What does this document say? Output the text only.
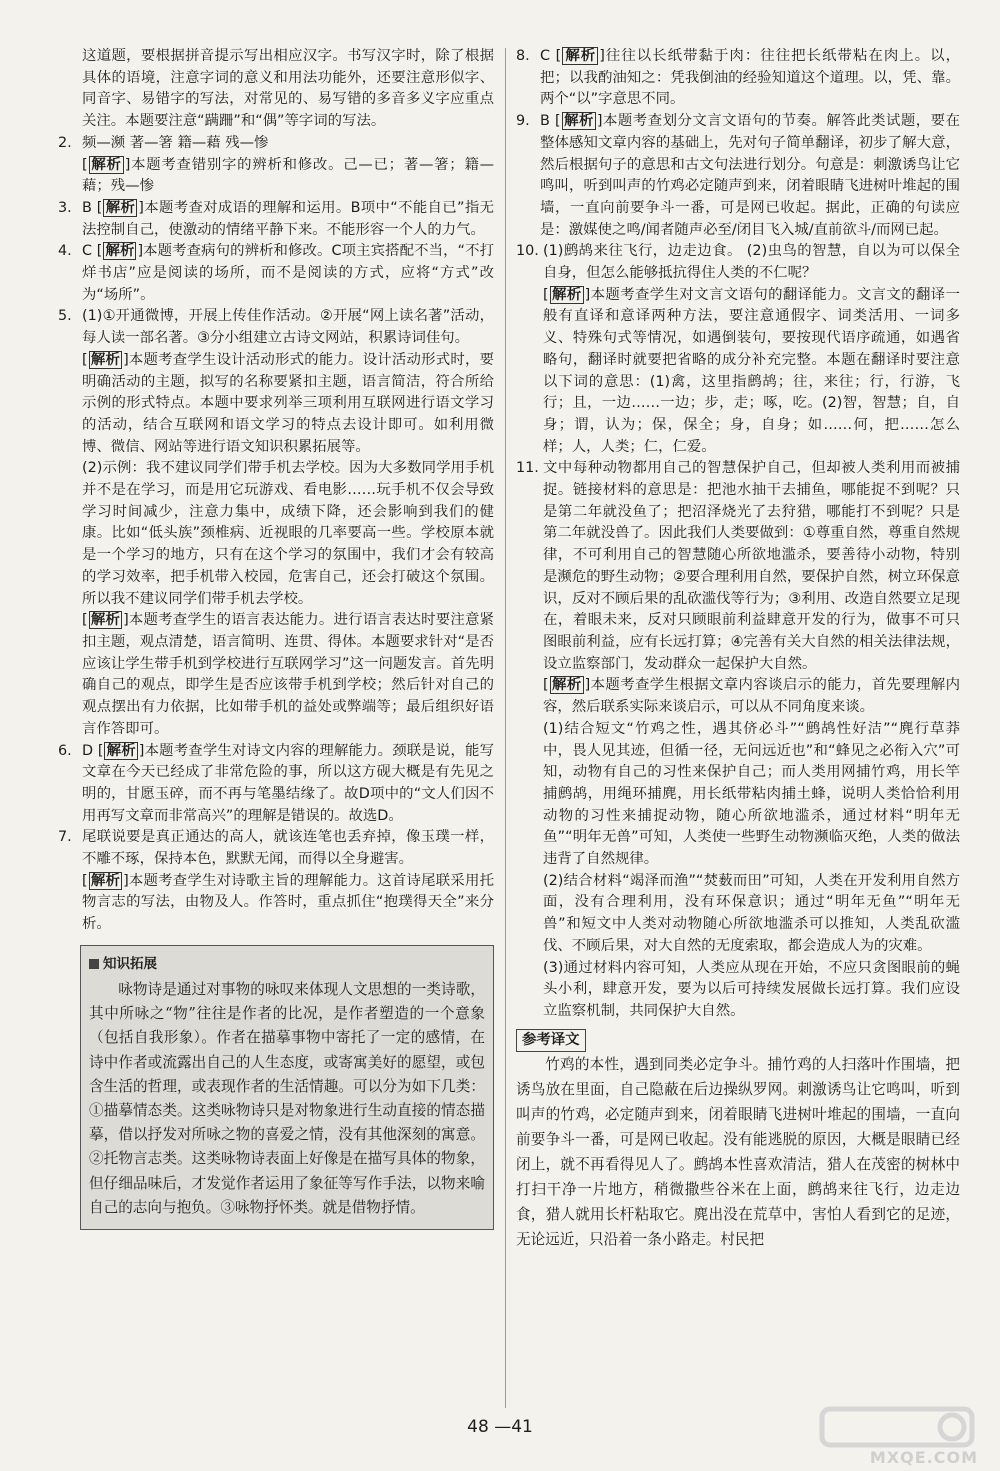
这道题，要根据拼音提示写出相应汉字。书写汉字时，除了根据具体的语境，注意字词的意义和用法功能外，还要注意形似字、同音字、易错字的写法，对常见的、易写错的多音多义字应重点关注。本题要注意“蹒跚”和“偶”等字词的写法。

2. 频—濒 著—箸 籍—藉 残—惨

[ 解析 ]本题考查错别字的辨析和修改。己—已；著—箸；籍—藉；残—惨

3. B [ 解析 ]本题考查对成语的理解和运用。B项中“不能自已”指无法控制自己，使激动的情绪平静下来。不能形容一个人的力气。

4. C [ 解析 ]本题考查病句的辨析和修改。C项主宾搭配不当，“不打烊书店”应是阅读的场所，而不是阅读的方式，应将“方式”改为“场所”。

5. (1)①开通微博，开展上传佳作活动。②开展“网上读名著”活动，每人读一部名著。③分小组建立古诗文网站，积累诗词佳句。

[ 解析 ]本题考查学生设计活动形式的能力。设计活动形式时，要明确活动的主题，拟写的名称要紧扣主题，语言简洁，符合所给示例的形式特点。本题中要求列举三项利用互联网进行语文学习的活动，结合互联网和语文学习的特点去设计即可。如利用微博、微信、网站等进行语文知识积累拓展等。

(2)示例：我不建议同学们带手机去学校。因为大多数同学用手机并不是在学习，而是用它玩游戏、看电影……玩手机不仅会导致学习时间减少，注意力集中，成绩下降，还会影响到我们的健康。比如“低头族”颈椎病、近视眼的几率要高一些。学校原本就是一个学习的地方，只有在这个学习的氛围中，我们才会有较高的学习效率，把手机带入校园，危害自己，还会打破这个氛围。所以我不建议同学们带手机去学校。

[ 解析 ]本题考查学生的语言表达能力。进行语言表达时要注意紧扣主题，观点清楚，语言简明、连贯、得体。本题要求针对“是否应该让学生带手机到学校进行互联网学习”这一问题发言。首先明确自己的观点，即学生是否应该带手机到学校；然后针对自己的观点摆出有力依据，比如带手机的益处或弊端等；最后组织好语言作答即可。

6. D [ 解析 ]本题考查学生对诗文内容的理解能力。颈联是说，能写文章在今天已经成了非常危险的事，所以这方砚大概是有先见之明的，甘愿玉碎，而不再与笔墨结缘了。故D项中的“文人们因不用再写文章而非常高兴”的理解是错误的。故选D。

7. 尾联说要是真正通达的高人，就该连笔也丢弃掉，像玉璞一样，不雕不琢，保持本色，默默无闻，而得以全身避害。

[ 解析 ]本题考查学生对诗歌主旨的理解能力。这首诗尾联采用托物言志的写法，由物及人。作答时，重点抓住“抱璞得天全”来分析。

知识拓展

咏物诗是通过对事物的咏叹来体现人文思想的一类诗歌，其中所咏之“物”往往是作者的比况，是作者塑造的一个意象（包括自我形象）。作者在描摹事物中寄托了一定的感情，在诗中作者或流露出自己的人生态度，或寄寓美好的愿望，或包含生活的哲理，或表现作者的生活情趣。可以分为如下几类：①描摹情态类。这类咏物诗只是对物象进行生动直接的情态描摹，借以抒发对所咏之物的喜爱之情，没有其他深刻的寓意。②托物言志类。这类咏物诗表面上好像是在描写具体的物象，但仔细品味后，才发觉作者运用了象征等写作手法，以物来喻自己的志向与抱负。③咏物抒怀类。就是借物抒情。

8. C [ 解析 ]往往以长纸带黏于肉：往往把长纸带粘在肉上。以，把；以我酌油知之：凭我倒油的经验知道这个道理。以，凭、靠。两个“以”字意思不同。

9. B [ 解析 ]本题考查划分文言文语句的节奏。解答此类试题，要在整体感知文章内容的基础上，先对句子简单翻译，初步了解大意，然后根据句子的意思和古文句法进行划分。句意是：刺激诱鸟让它鸣叫，听到叫声的竹鸡必定随声到来，闭着眼睛飞进树叶堆起的围墙，一直向前要争斗一番，可是网已收起。据此，正确的句读应是：激媒使之鸣/闻者随声必至/闭目飞入城/直前欲斗/而网已起。

10. (1)鹧鸪来往飞行，边走边食。 (2)虫鸟的智慧，自以为可以保全自身，但怎么能够抵抗得住人类的不仁呢？

[ 解析 ]本题考查学生对文言文语句的翻译能力。文言文的翻译一般有直译和意译两种方法，要注意通假字、词类活用、一词多义、特殊句式等情况，如遇倒装句，要按现代语序疏通，如遇省略句，翻译时就要把省略的成分补充完整。本题在翻译时要注意以下词的意思：(1)禽，这里指鹧鸪；往，来往；行，行游，飞行；且，一边……一边；步，走；啄，吃。(2)智，智慧；自，自身；谓，认为；保，保全；身，自身；如……何，把……怎么样；人，人类；仁，仁爱。

11. 文中每种动物都用自己的智慧保护自己，但却被人类利用而被捕捉。链接材料的意思是：把池水抽干去捕鱼，哪能捉不到呢？只是第二年就没鱼了；把沼泽烧光了去狩猎，哪能打不到呢？只是第二年就没兽了。因此我们人类要做到：①尊重自然，尊重自然规律，不可利用自己的智慧随心所欲地滥杀，要善待小动物，特别是濒危的野生动物；②要合理利用自然，要保护自然，树立环保意识，反对不顾后果的乱砍滥伐等行为；③利用、改造自然要立足现在，着眼未来，反对只顾眼前利益肆意开发的行为，做事不可只图眼前利益，应有长远打算；④完善有关大自然的相关法律法规，设立监察部门，发动群众一起保护大自然。

[ 解析 ]本题考查学生根据文章内容谈启示的能力，首先要理解内容，然后联系实际来谈启示，可以从不同角度来谈。

(1)结合短文“竹鸡之性，遇其侪必斗”“鹧鸪性好洁”“麂行草莽中，畏人见其迹，但循一径，无问远近也”和“蜂见之必衔入穴”可知，动物有自己的习性来保护自己；而人类用网捕竹鸡，用长竿捕鹧鸪，用绳环捕麂，用长纸带粘肉捕土蜂，说明人类恰恰利用动物的习性来捕捉动物，随心所欲地滥杀，通过材料“明年无鱼”“明年无兽”可知，人类使一些野生动物濒临灭绝，人类的做法违背了自然规律。

(2)结合材料“竭泽而渔”“焚薮而田”可知，人类在开发利用自然方面，没有合理利用，没有环保意识；通过“明年无鱼”“明年无兽”和短文中人类对动物随心所欲地滥杀可以推知，人类乱砍滥伐、不顾后果，对大自然的无度索取，都会造成人为的灾难。

(3)通过材料内容可知，人类应从现在开始，不应只贪图眼前的蝇头小利，肆意开发，要为以后可持续发展做长远打算。我们应设立监察机制，共同保护大自然。

参考译文

竹鸡的本性，遇到同类必定争斗。捕竹鸡的人扫落叶作围墙，把诱鸟放在里面，自己隐蔽在后边操纵罗网。刺激诱鸟让它鸣叫，听到叫声的竹鸡，必定随声到来，闭着眼睛飞进树叶堆起的围墙，一直向前要争斗一番，可是网已收起。没有能逃脱的原因，大概是眼睛已经闭上，就不再看得见人了。鹧鸪本性喜欢清洁，猎人在茂密的树林中打扫干净一片地方，稍微撒些谷米在上面，鹧鸪来往飞行，边走边食，猎人就用长杆粘取它。麂出没在荒草中，害怕人看到它的足迹，无论远近，只沿着一条小路走。村民把

48 —41
MXQE.COM
